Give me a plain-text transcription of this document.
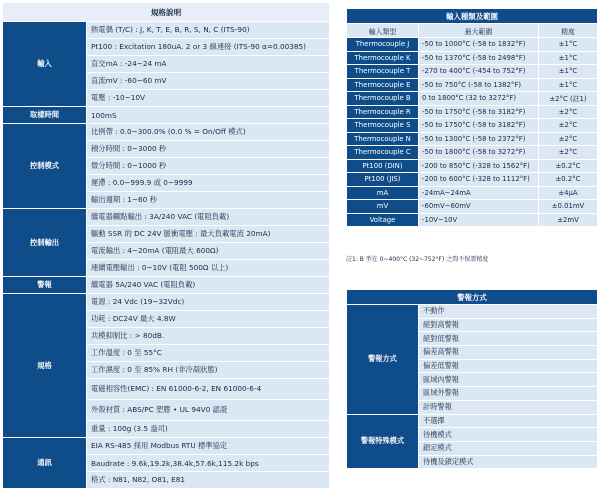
規格說明	
輸入	熱電偶 (T/C) : J, K, T, E, B, R, S, N, C (ITS-90)
	Pt100 : Excitation 180uA. 2 or 3 線連接 (ITS-90 α=0.00385)
	直交mA : -24~24 mA
	直流mV : -60~60 mV
	電壓 : -10~10V
取樣時間	100mS
控制模式	比例帶 : 0.0~300.0% (0.0 % = On/Off 模式)
	積分時間 : 0~3000 秒
	微分時間 : 0~1000 秒
	遲滯 : 0.0~999.9 或 0~9999
	輸出週期 : 1~60 秒
控制輸出	繼電器觸點輸出 : 3A/240 VAC (電阻負載)
	驅動 SSR 的 DC 24V 脈衝電壓 : 最大負載電流 20mA)
	電流輸出 : 4~20mA (電阻最大 600Ω)
	連續電壓輸出 : 0~10V (電阻 500Ω 以上)
警報	繼電器 5A/240 VAC (電阻負載)
規格	電源 : 24 Vdc (19~32Vdc)
	功耗 : DC24V 最大 4.8W
	共模抑制比 : > 80dB.
	工作溫度 : 0 至 55°C
	工作濕度 : 0 至 85% RH (非冷凝狀態)
	電磁相容性(EMC) : EN 61000-6-2, EN 61000-6-4
	外殼材質 : ABS/PC 塑膠 • UL 94V0 認證
	重量 : 100g (3.5 盎司)
通訊	EIA RS-485 採用 Modbus RTU 標準協定
	Baudrate : 9.6k,19.2k,38.4k,57.6k,115.2k bps
	格式 : N81, N82, O81, E81
輸入種類及範圍		
輸入類型	最大範圍	精度
Thermocouple J	-50 to 1000°C (-58 to 1832°F)	±1°C
Thermocouple K	-50 to 1370°C (-58 to 2498°F)	±1°C
Thermocouple T	-270 to 400°C (-454 to 752°F)	±1°C
Thermocouple E	-50 to 750°C (-58 to 1382°F)	±1°C
Thermocouple B	0 to 1800°C (32 to 3272°F)	±2°C (註1)
Thermocouple R	-50 to 1750°C (-58 to 3182°F)	±2°C
Thermocouple S	-50 to 1750°C (-58 to 3182°F)	±2°C
Thermocouple N	-50 to 1300°C (-58 to 2372°F)	±2°C
Thermocouple C	-50 to 1800°C (-58 to 3272°F)	±2°C
Pt100 (DIN)	-200 to 850°C (-328 to 1562°F)	±0.2°C
Pt100 (JIS)	-200 to 600°C (-328 to 1112°F)	±0.2°C
mA	-24mA~24mA	±4µA
mV	-60mV~60mV	±0.01mV
Voltage	-10V~10V	±2mV
註1: B 型在 0~400°C (32~752°F) 之間不保證精度
警報方式	
警報方式	不動作
	絕對高警報
	絕對低警報
	偏差高警報
	偏差低警報
	區域內警報
	區域外警報
	計時警報
警報特殊模式	不選擇
	待機模式
	鎖定模式
	待機及鎖定模式
